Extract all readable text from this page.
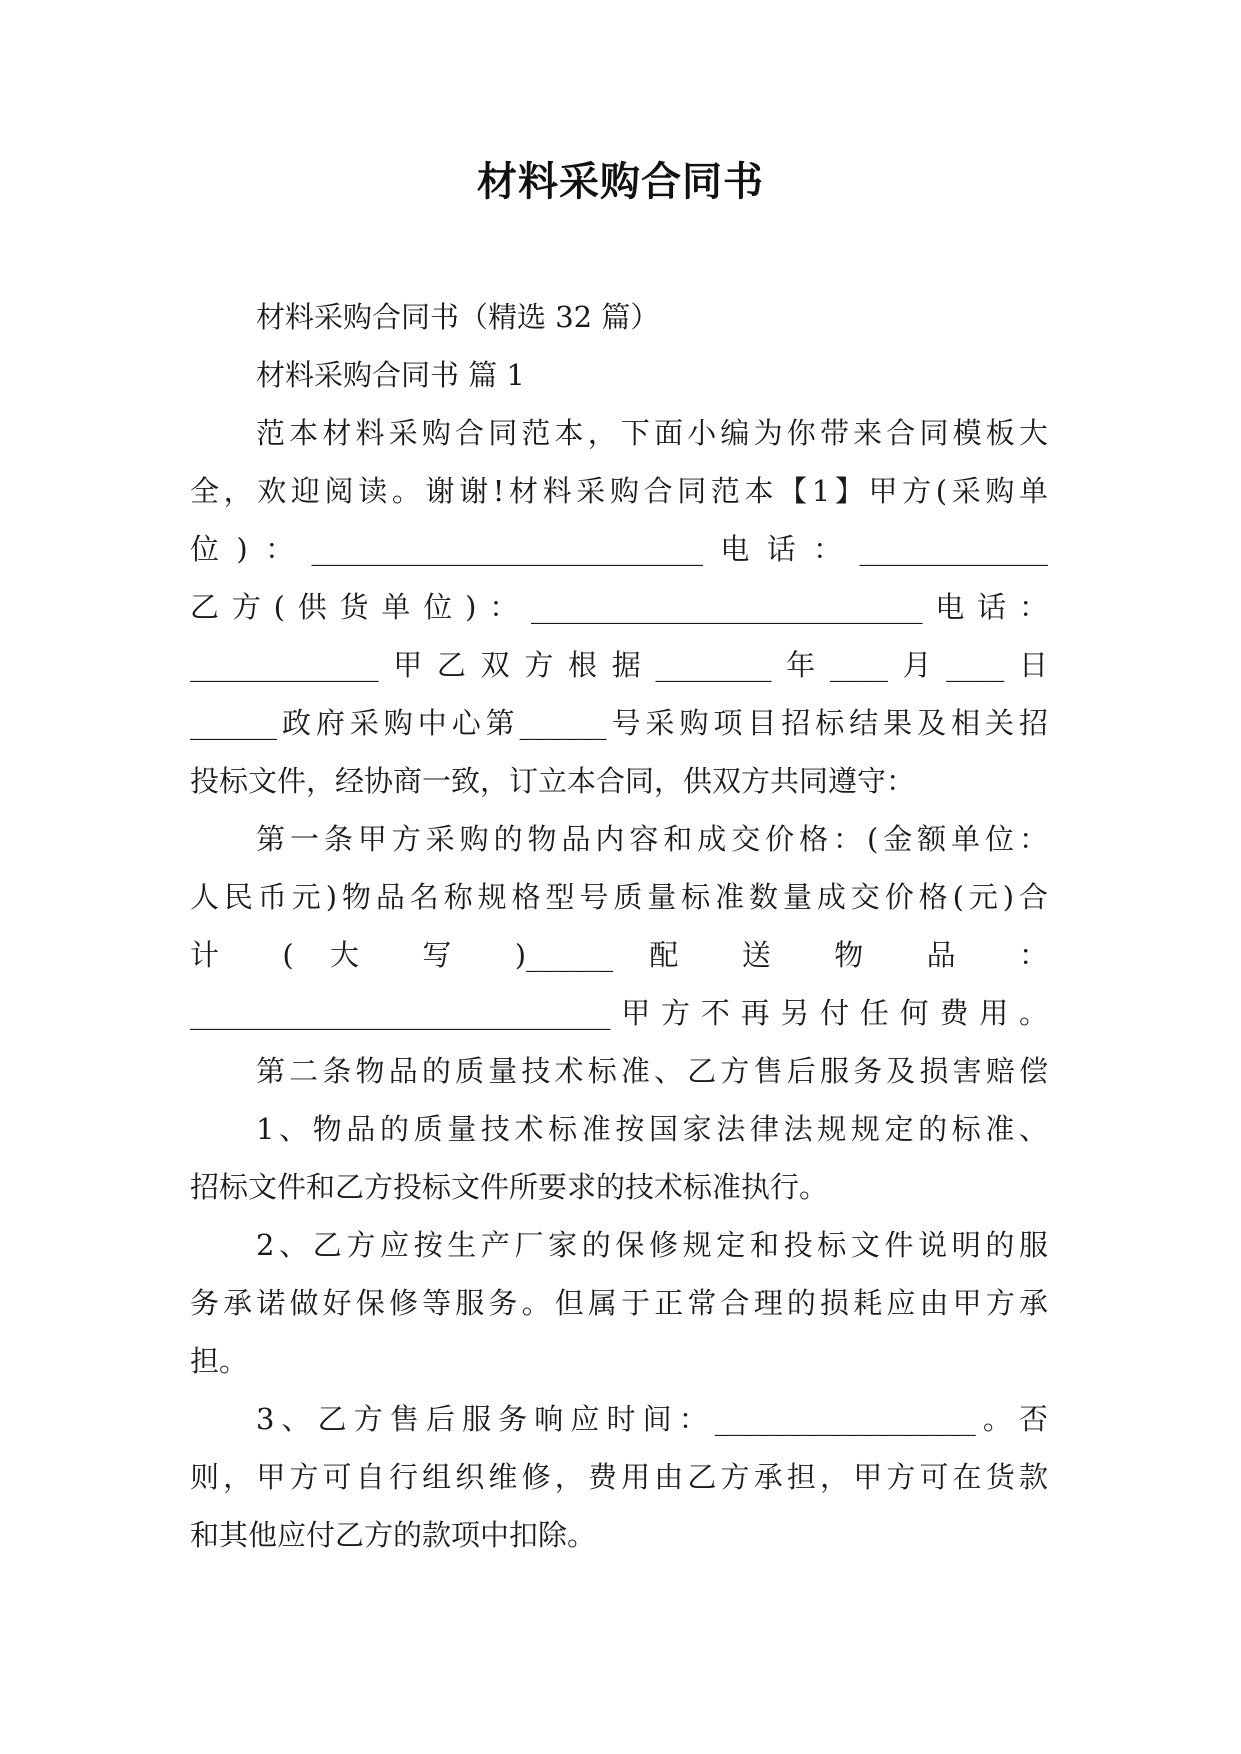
材料采购合同书
材料采购合同书（精选 32 篇）
材料采购合同书 篇 1
范本材料采购合同范本，下面小编为你带来合同模板大
全，欢迎阅读。谢谢!材料采购合同范本【1】甲方(采购单
位)：___________________________电话：_____________
乙方(供货单位)：___________________________电话：
_____________甲乙双方根据________年____月____日
______政府采购中心第______号采购项目招标结果及相关招
投标文件，经协商一致，订立本合同，供双方共同遵守：
第一条甲方采购的物品内容和成交价格：(金额单位：
人民币元)物品名称规格型号质量标准数量成交价格(元)合
计 ( 大 写 )______ 配 送 物 品 ：
_____________________________甲方不再另付任何费用。
第二条物品的质量技术标准、乙方售后服务及损害赔偿
1、物品的质量技术标准按国家法律法规规定的标准、
招标文件和乙方投标文件所要求的技术标准执行。
2、乙方应按生产厂家的保修规定和投标文件说明的服
务承诺做好保修等服务。但属于正常合理的损耗应由甲方承
担。
3、乙方售后服务响应时间：__________________。否
则，甲方可自行组织维修，费用由乙方承担，甲方可在货款
和其他应付乙方的款项中扣除。
